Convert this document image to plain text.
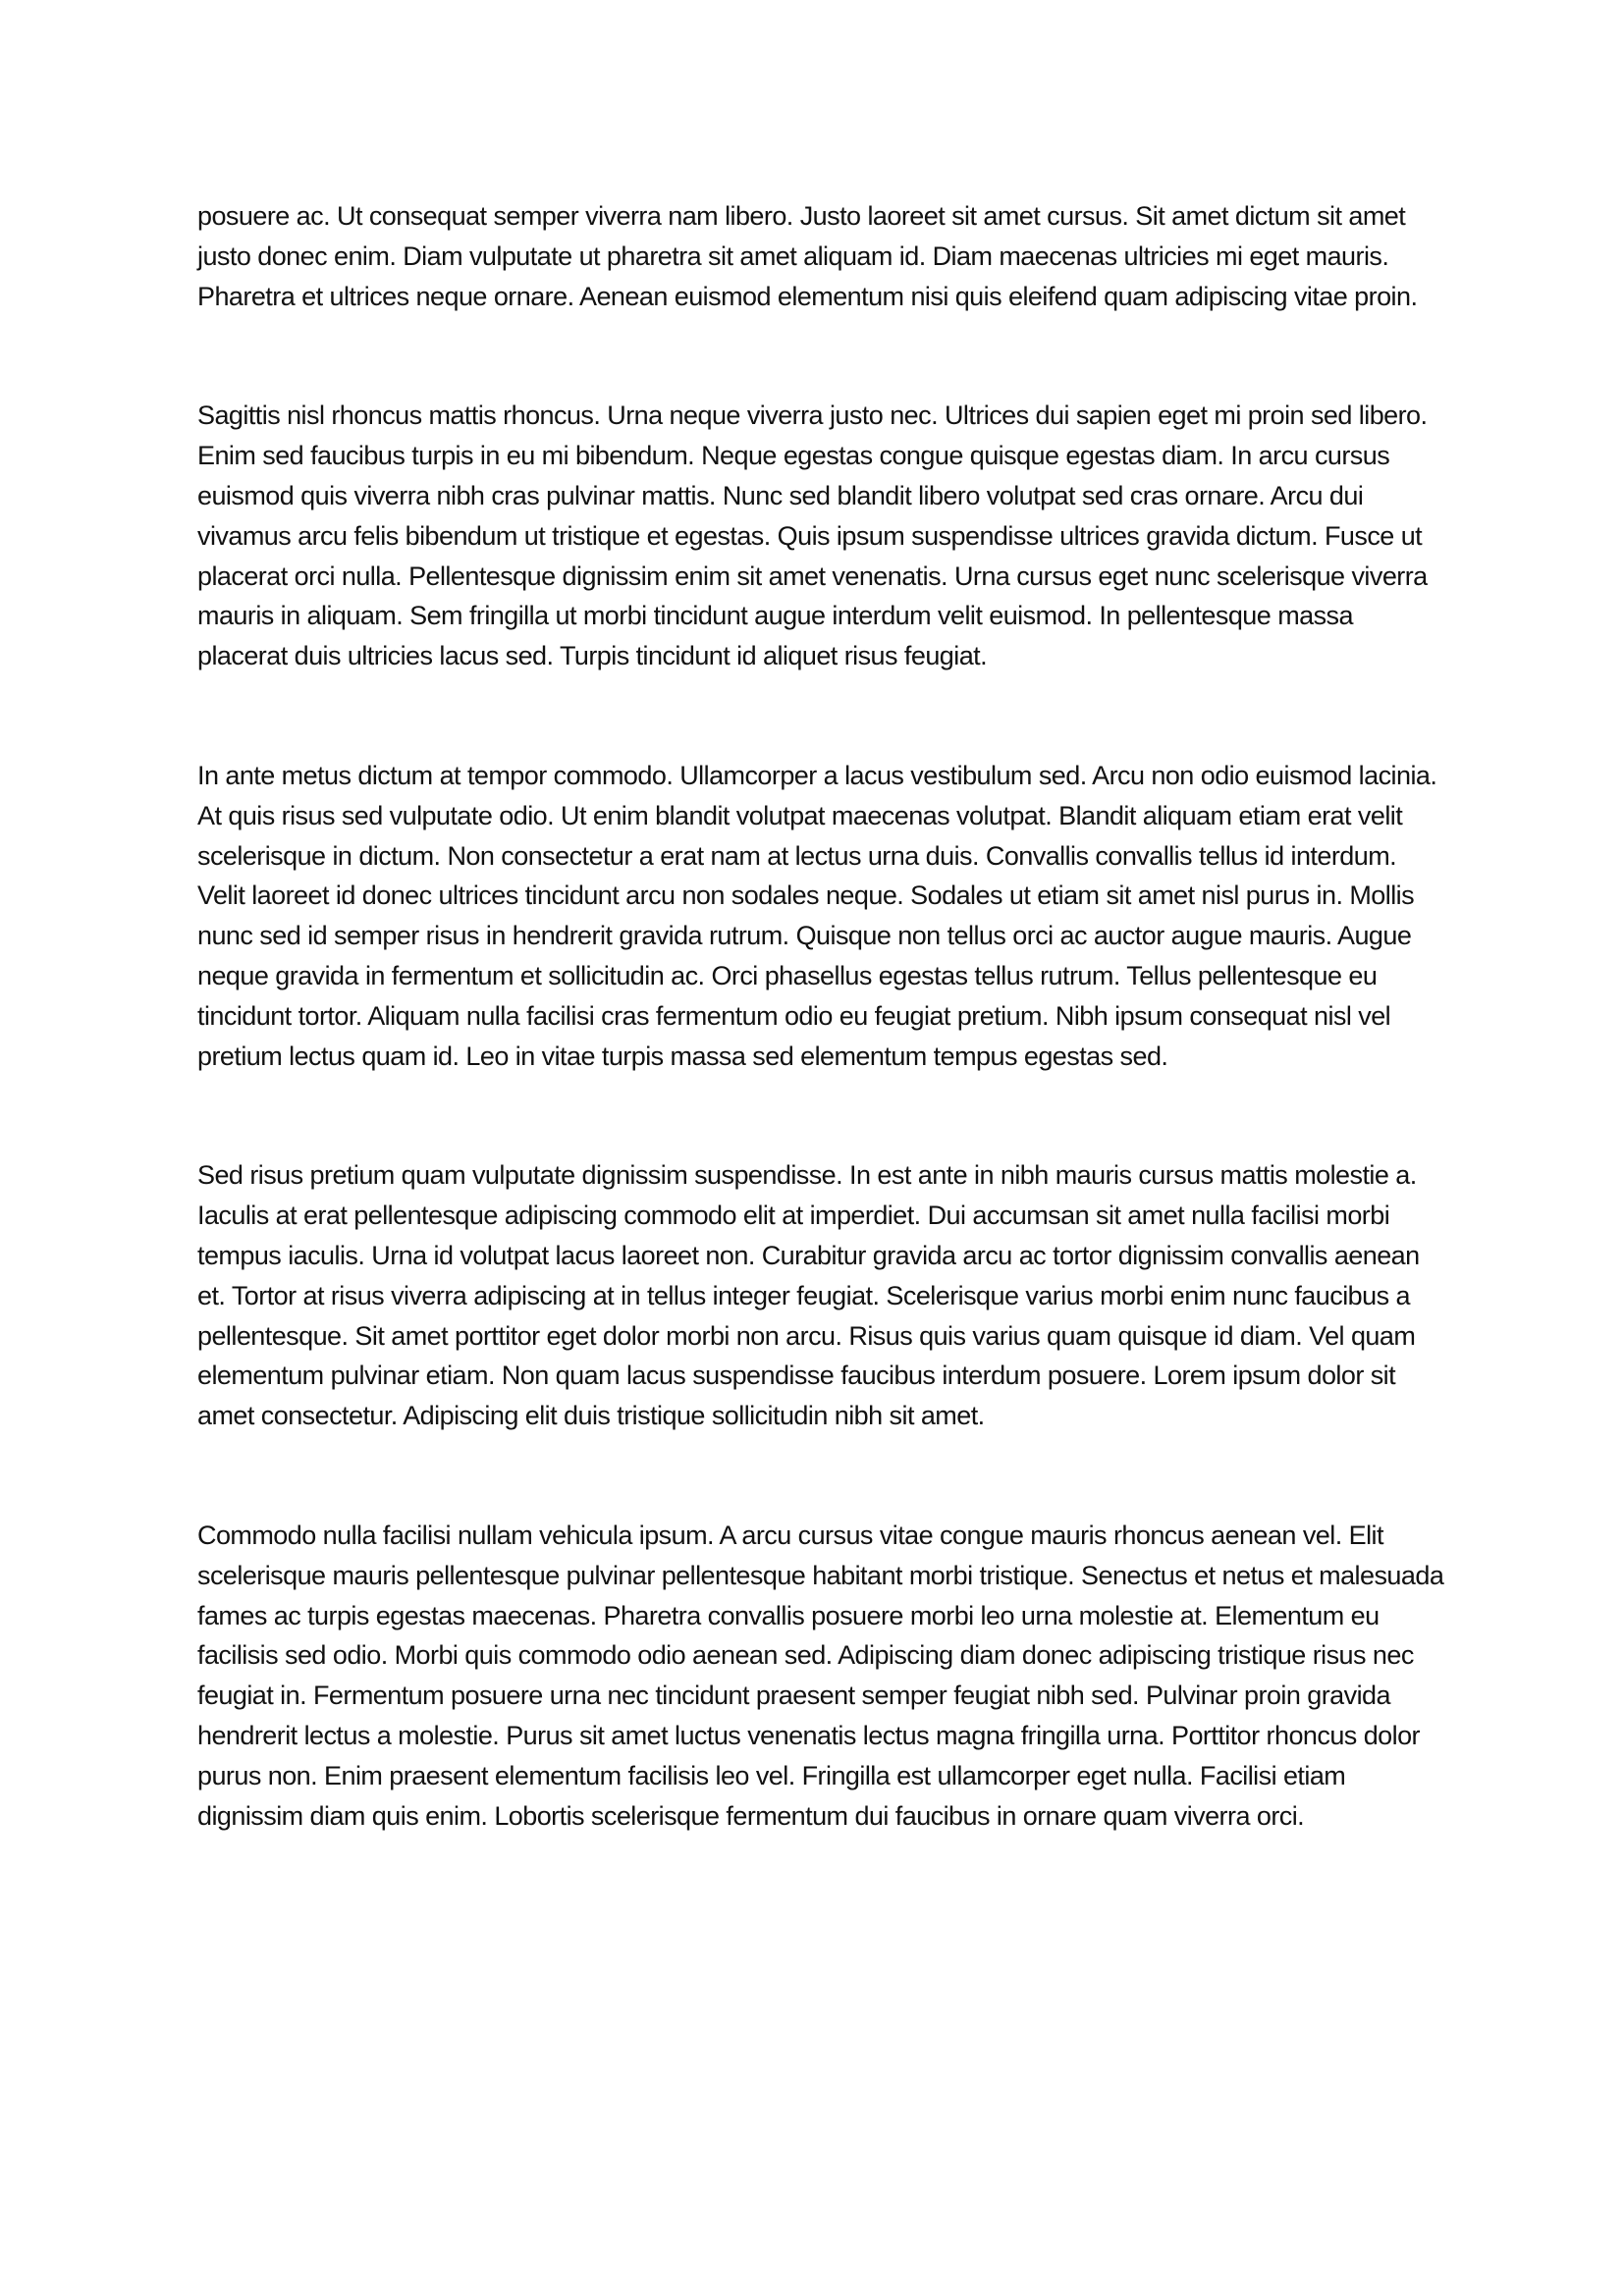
posuere ac. Ut consequat semper viverra nam libero. Justo laoreet sit amet cursus. Sit amet dictum sit amet justo donec enim. Diam vulputate ut pharetra sit amet aliquam id. Diam maecenas ultricies mi eget mauris. Pharetra et ultrices neque ornare. Aenean euismod elementum nisi quis eleifend quam adipiscing vitae proin.

Sagittis nisl rhoncus mattis rhoncus. Urna neque viverra justo nec. Ultrices dui sapien eget mi proin sed libero. Enim sed faucibus turpis in eu mi bibendum. Neque egestas congue quisque egestas diam. In arcu cursus euismod quis viverra nibh cras pulvinar mattis. Nunc sed blandit libero volutpat sed cras ornare. Arcu dui vivamus arcu felis bibendum ut tristique et egestas. Quis ipsum suspendisse ultrices gravida dictum. Fusce ut placerat orci nulla. Pellentesque dignissim enim sit amet venenatis. Urna cursus eget nunc scelerisque viverra mauris in aliquam. Sem fringilla ut morbi tincidunt augue interdum velit euismod. In pellentesque massa placerat duis ultricies lacus sed. Turpis tincidunt id aliquet risus feugiat.

In ante metus dictum at tempor commodo. Ullamcorper a lacus vestibulum sed. Arcu non odio euismod lacinia. At quis risus sed vulputate odio. Ut enim blandit volutpat maecenas volutpat. Blandit aliquam etiam erat velit scelerisque in dictum. Non consectetur a erat nam at lectus urna duis. Convallis convallis tellus id interdum. Velit laoreet id donec ultrices tincidunt arcu non sodales neque. Sodales ut etiam sit amet nisl purus in. Mollis nunc sed id semper risus in hendrerit gravida rutrum. Quisque non tellus orci ac auctor augue mauris. Augue neque gravida in fermentum et sollicitudin ac. Orci phasellus egestas tellus rutrum. Tellus pellentesque eu tincidunt tortor. Aliquam nulla facilisi cras fermentum odio eu feugiat pretium. Nibh ipsum consequat nisl vel pretium lectus quam id. Leo in vitae turpis massa sed elementum tempus egestas sed.

Sed risus pretium quam vulputate dignissim suspendisse. In est ante in nibh mauris cursus mattis molestie a. Iaculis at erat pellentesque adipiscing commodo elit at imperdiet. Dui accumsan sit amet nulla facilisi morbi tempus iaculis. Urna id volutpat lacus laoreet non. Curabitur gravida arcu ac tortor dignissim convallis aenean et. Tortor at risus viverra adipiscing at in tellus integer feugiat. Scelerisque varius morbi enim nunc faucibus a pellentesque. Sit amet porttitor eget dolor morbi non arcu. Risus quis varius quam quisque id diam. Vel quam elementum pulvinar etiam. Non quam lacus suspendisse faucibus interdum posuere. Lorem ipsum dolor sit amet consectetur. Adipiscing elit duis tristique sollicitudin nibh sit amet.

Commodo nulla facilisi nullam vehicula ipsum. A arcu cursus vitae congue mauris rhoncus aenean vel. Elit scelerisque mauris pellentesque pulvinar pellentesque habitant morbi tristique. Senectus et netus et malesuada fames ac turpis egestas maecenas. Pharetra convallis posuere morbi leo urna molestie at. Elementum eu facilisis sed odio. Morbi quis commodo odio aenean sed. Adipiscing diam donec adipiscing tristique risus nec feugiat in. Fermentum posuere urna nec tincidunt praesent semper feugiat nibh sed. Pulvinar proin gravida hendrerit lectus a molestie. Purus sit amet luctus venenatis lectus magna fringilla urna. Porttitor rhoncus dolor purus non. Enim praesent elementum facilisis leo vel. Fringilla est ullamcorper eget nulla. Facilisi etiam dignissim diam quis enim. Lobortis scelerisque fermentum dui faucibus in ornare quam viverra orci.
